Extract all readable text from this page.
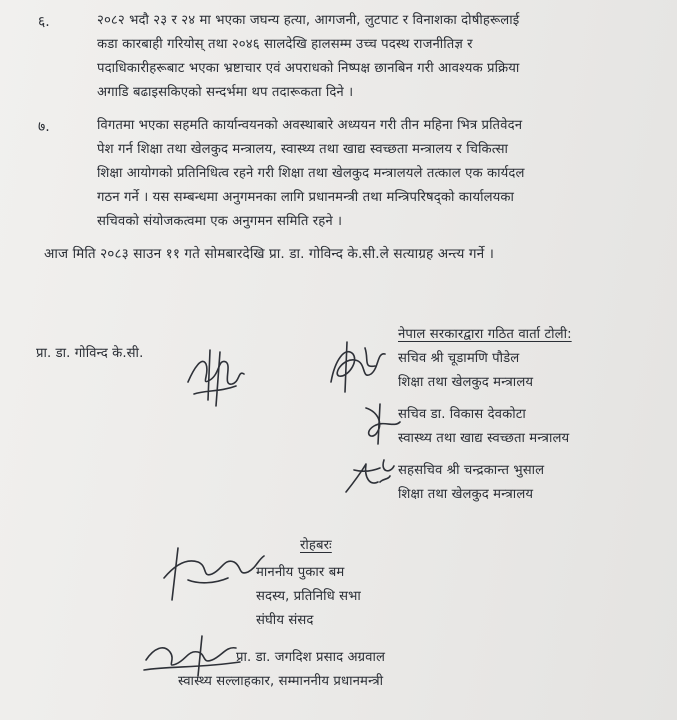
६.	२०८२ भदौ २३ र २४ मा भएका जघन्य हत्या, आगजनी, लुटपाट र विनाशका दोषीहरूलाई
कडा कारबाही गरियोस् तथा २०४६ सालदेखि हालसम्म उच्च पदस्थ राजनीतिज्ञ र
पदाधिकारीहरूबाट भएका भ्रष्टाचार एवं अपराधको निष्पक्ष छानबिन गरी आवश्यक प्रक्रिया
अगाडि बढाइसकिएको सन्दर्भमा थप तदारूकता दिने ।
७.	विगतमा भएका सहमति कार्यान्वयनको अवस्थाबारे अध्ययन गरी तीन महिना भित्र प्रतिवेदन
पेश गर्न शिक्षा तथा खेलकुद मन्त्रालय, स्वास्थ्य तथा खाद्य स्वच्छता मन्त्रालय र चिकित्सा
शिक्षा आयोगको प्रतिनिधित्व रहने गरी शिक्षा तथा खेलकुद मन्त्रालयले तत्काल एक कार्यदल
गठन गर्ने । यस सम्बन्धमा अनुगमनका लागि प्रधानमन्त्री तथा मन्त्रिपरिषद्को कार्यालयका
सचिवको संयोजकत्वमा एक अनुगमन समिति रहने ।
आज मिति २०८३ साउन ११ गते सोमबारदेखि प्रा. डा. गोविन्द के.सी.ले सत्याग्रह अन्त्य गर्ने ।
प्रा. डा. गोविन्द के.सी.
नेपाल सरकारद्वारा गठित वार्ता टोली:
सचिव श्री चूडामणि पौडेल
शिक्षा तथा खेलकुद मन्त्रालय
सचिव डा. विकास देवकोटा
स्वास्थ्य तथा खाद्य स्वच्छता मन्त्रालय
सहसचिव श्री चन्द्रकान्त भुसाल
शिक्षा तथा खेलकुद मन्त्रालय
रोहबरः
माननीय पुकार बम
सदस्य, प्रतिनिधि सभा
संघीय संसद
प्रा. डा. जगदिश प्रसाद अग्रवाल
स्वास्थ्य सल्लाहकार, सम्माननीय प्रधानमन्त्री
